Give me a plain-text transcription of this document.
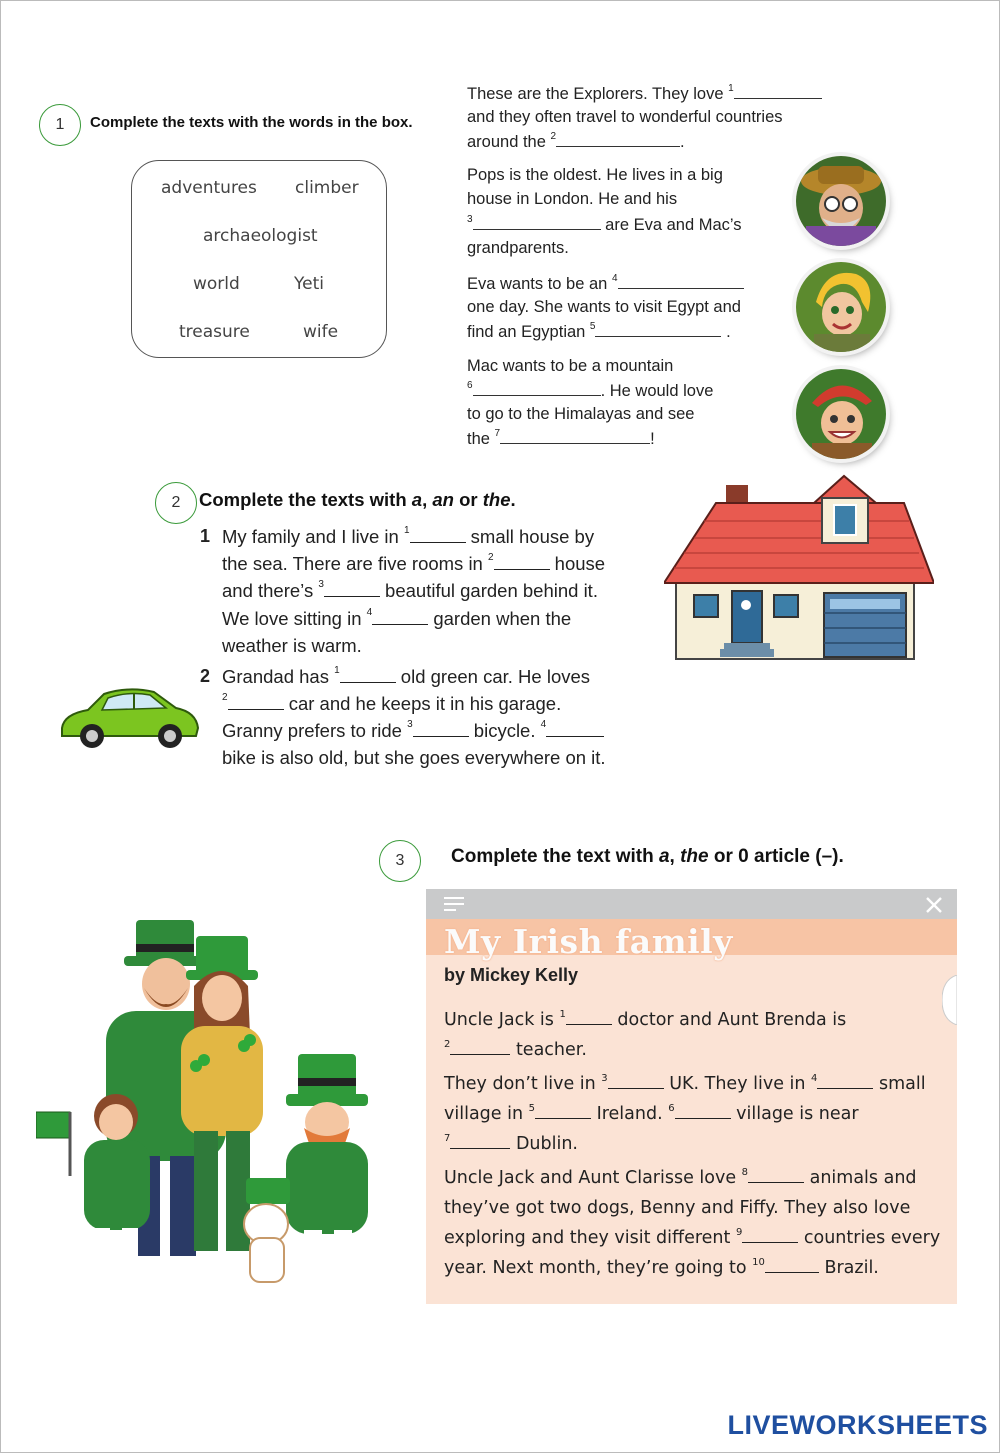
1	Complete the texts with the words in the box.
adventures climber
archaeologist
world	Yeti
treasure	wife
These are the Explorers. They love $^1$
and they often travel to wonderful countries
around the $^2$	.
Pops is the oldest. He lives in a big
house in London. He and his
$^3$	are Eva and Mac’s
grandparents.
Eva wants to be an $^4$
one day. She wants to visit Egypt and
find an Egyptian $^5$	.
Mac wants to be a mountain
$^6$	. He would love
to go to the Himalayas and see
the $^7$	!
2	Complete the texts with a, an or the.
1 My family and I live in $^1$	small house by
the sea. There are five rooms in $^2$	house
and there’s $^3$	beautiful garden behind it.
We love sitting in $^4$	garden when the
weather is warm.
2 Grandad has $^1$	old green car. He loves
$^2$	car and he keeps it in his garage.
Granny prefers to ride $^3$	bicycle. $^4$
bike is also old, but she goes everywhere on it.
3	Complete the text with a, the or 0 article (–).
My Irish family
by Mickey Kelly
Uncle Jack is $^1$	doctor and Aunt Brenda is
$^2$	teacher.
They don’t live in $^3$	UK. They live in $^4$	small
village in $^5$	Ireland. $^6$	village is near
$^7$	Dublin.
Uncle Jack and Aunt Clarisse love $^8$	animals and
they’ve got two dogs, Benny and Fiffy. They also love
exploring and they visit different $^9$	countries every
year. Next month, they’re going to $^{10}$	Brazil.
LIVEWORKSHEETS
